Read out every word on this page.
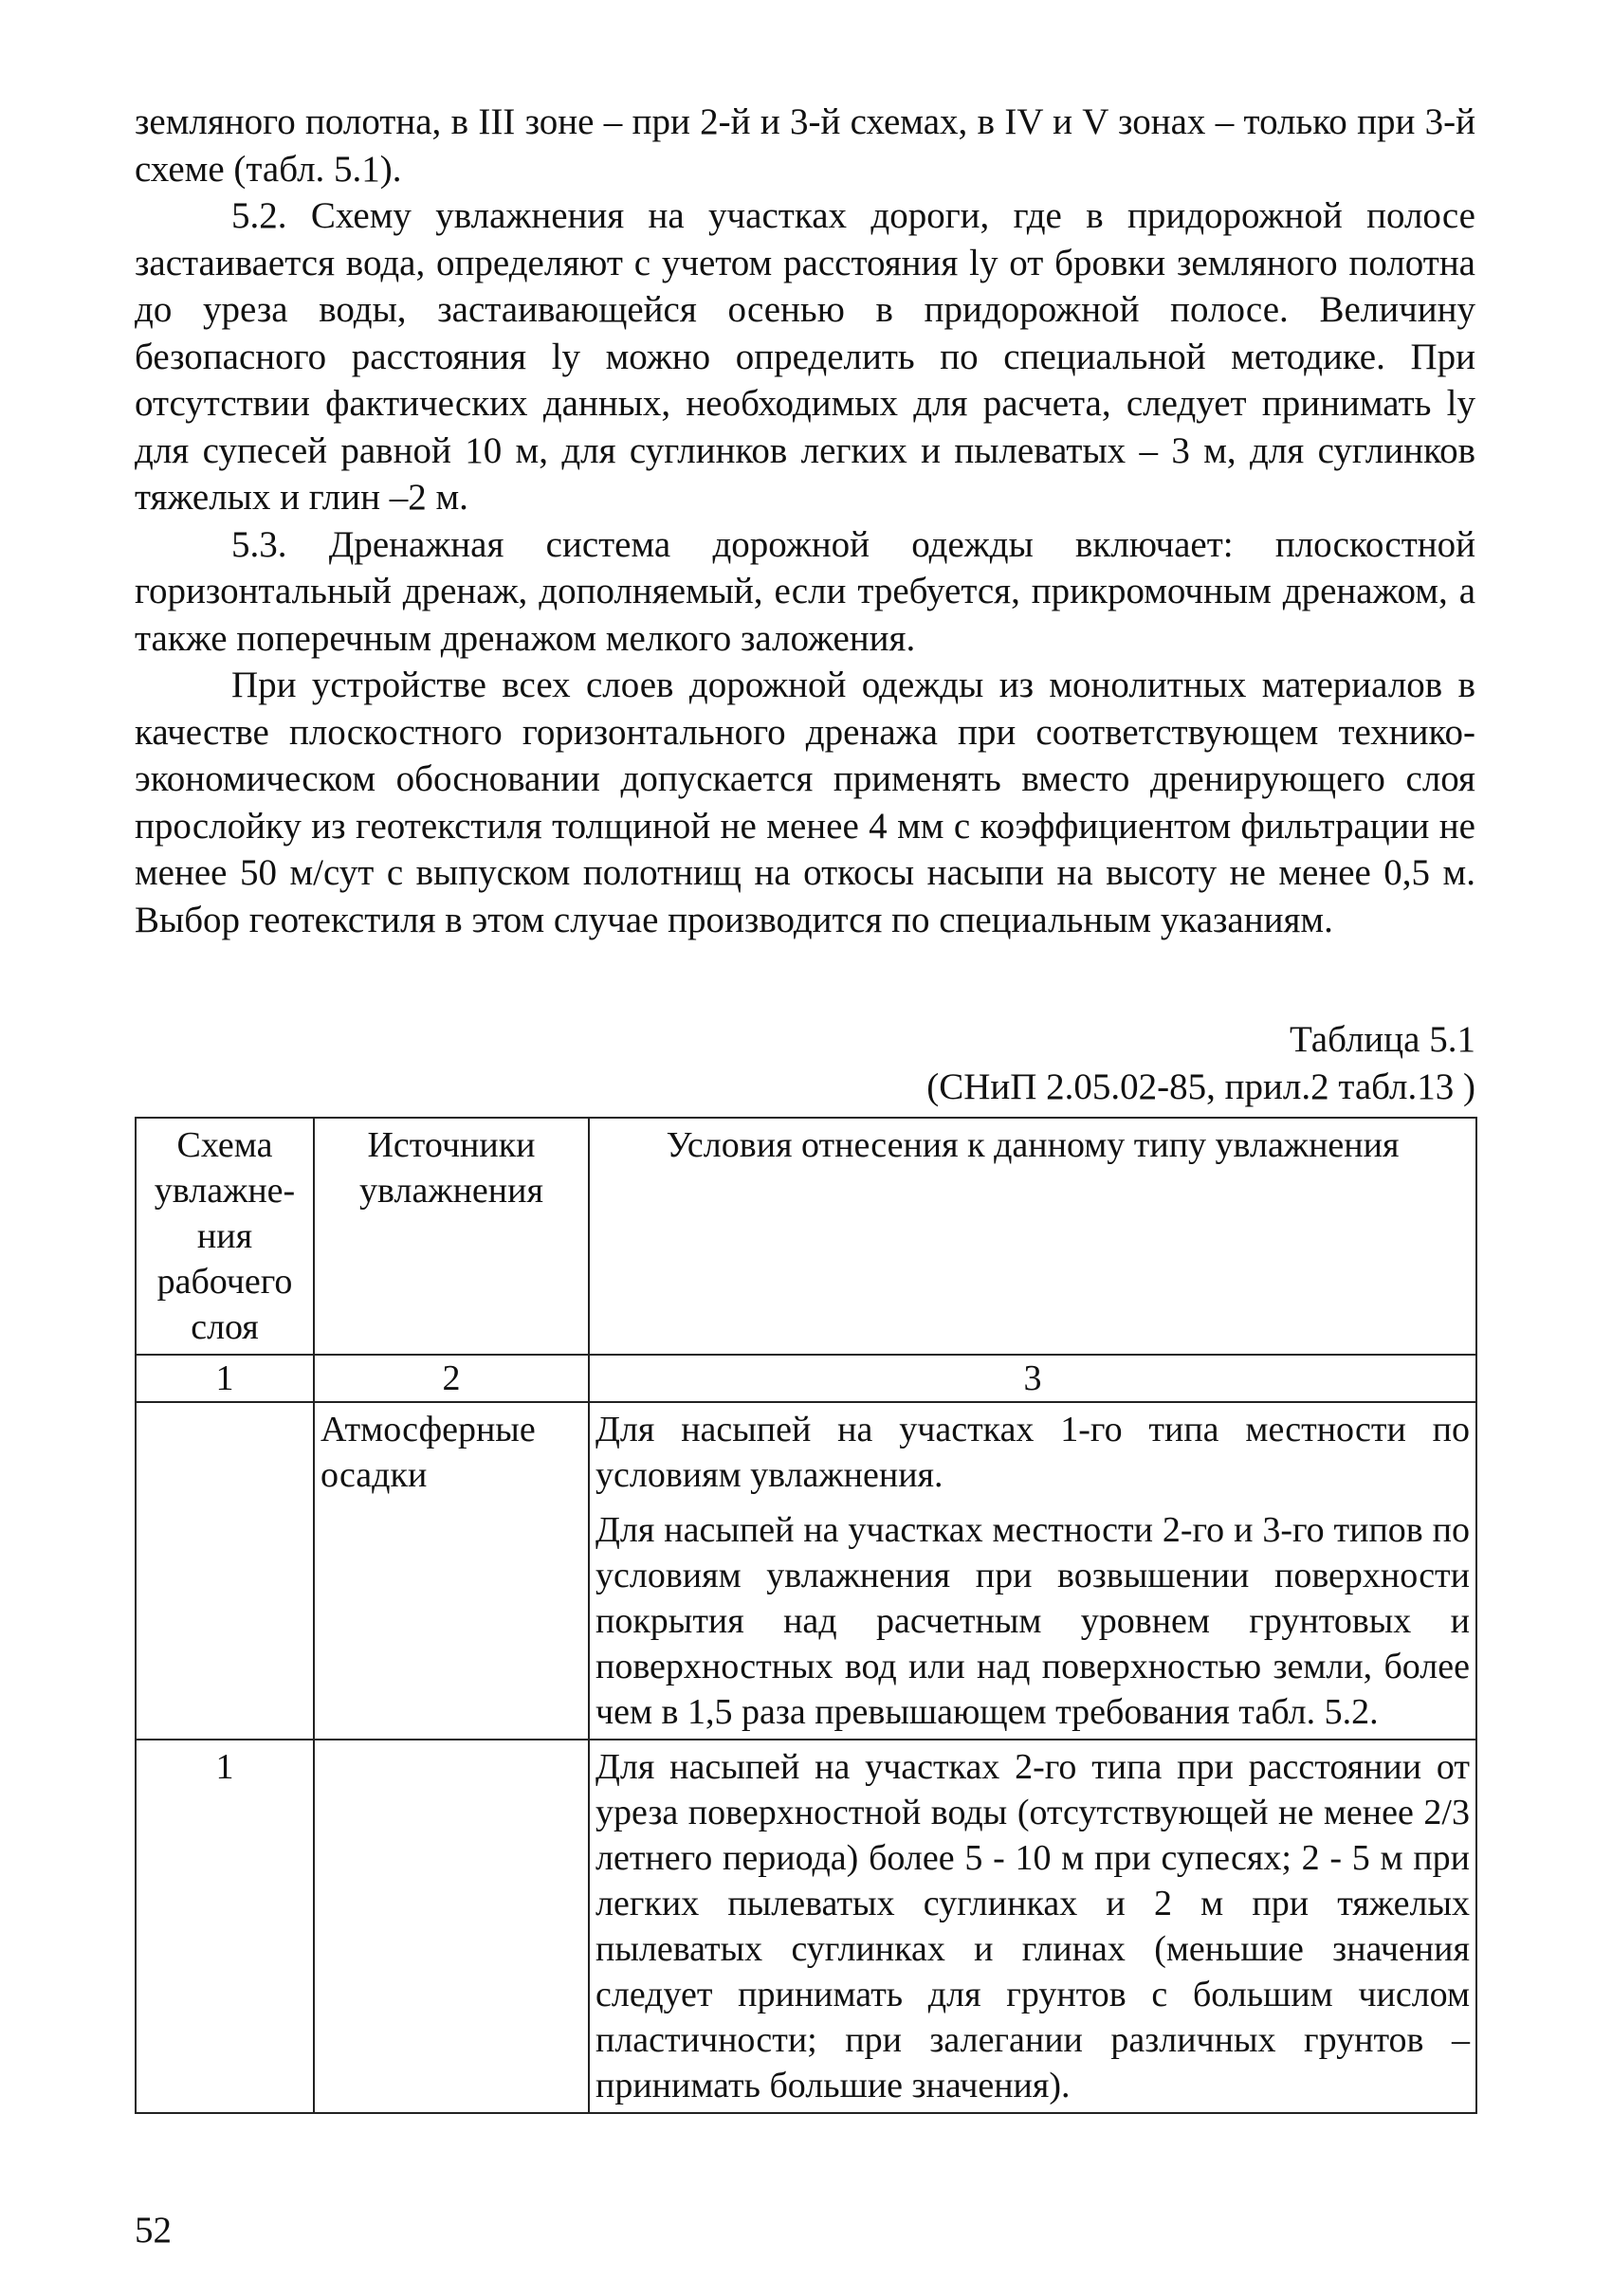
земляного полотна, в III зоне – при 2-й и 3-й схемах, в IV и V зонах – только при 3-й схеме (табл. 5.1).

5.2. Схему увлажнения на участках дороги, где в придорожной полосе застаивается вода, определяют с учетом расстояния lу от бровки земляного полотна до уреза воды, застаивающейся осенью в придорожной полосе. Величину безопасного расстояния lу можно определить по специальной методике. При отсутствии фактических данных, необходимых для расчета, следует принимать lу для супесей равной 10 м, для суглинков легких и пылеватых – 3 м, для суглинков тяжелых и глин –2 м.

5.3. Дренажная система дорожной одежды включает: плоскостной горизонтальный дренаж, дополняемый, если требуется, прикромочным дренажом, а также поперечным дренажом мелкого заложения.

При устройстве всех слоев дорожной одежды из монолитных материалов в качестве плоскостного горизонтального дренажа при соответствующем технико-экономическом обосновании допускается применять вместо дренирующего слоя прослойку из геотекстиля толщиной не менее 4 мм с коэффициентом фильтрации не менее 50 м/сут с выпуском полотнищ на откосы насыпи на высоту не менее 0,5 м. Выбор геотекстиля в этом случае производится по специальным указаниям.

Таблица 5.1
(СНиП 2.05.02-85, прил.2 табл.13 )
Схема увлажне-ния рабочего слоя	Источники увлажнения	Условия отнесения к данному типу увлажнения
1	2	3
	Атмосферные осадки	Для насыпей на участках 1-го типа местности по условиям увлажнения.

Для насыпей на участках местности 2-го и 3-го типов по условиям увлажнения при возвышении поверхности покрытия над расчетным уровнем грунтовых и поверхностных вод или над поверхностью земли, более чем в 1,5 раза превышающем требования табл. 5.2.

1		Для насыпей на участках 2-го типа при расстоянии от уреза поверхностной воды (отсутствующей не менее 2/3 летнего периода) более 5 - 10 м при супесях; 2 - 5 м при легких пылеватых суглинках и 2 м при тяжелых пылеватых суглинках и глинах (меньшие значения следует принимать для грунтов с большим числом пластичности; при залегании различных грунтов – принимать большие значения).

52
